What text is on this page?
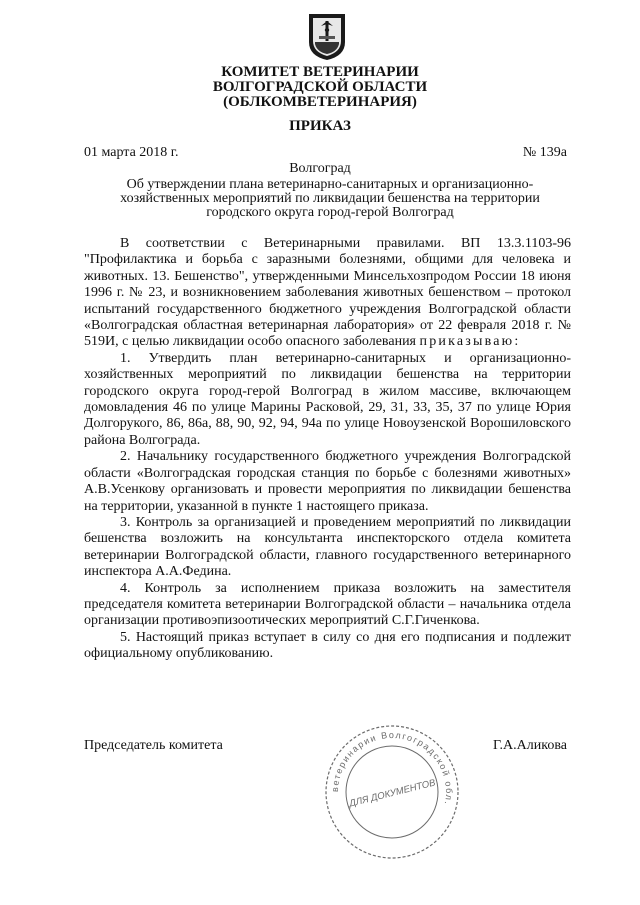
КОМИТЕТ ВЕТЕРИНАРИИ
ВОЛГОГРАДСКОЙ ОБЛАСТИ
(ОБЛКОМВЕТЕРИНАРИЯ)
ПРИКАЗ
01 марта 2018 г.	№ 139а
Волгоград
Об утверждении плана ветеринарно-санитарных и организационно-хозяйственных мероприятий по ликвидации бешенства на территории городского округа город-герой Волгоград

В соответствии с Ветеринарными правилами. ВП 13.3.1103-96 "Профилактика и борьба с заразными болезнями, общими для человека и животных. 13. Бешенство", утвержденными Минсельхозпродом России 18 июня 1996 г. № 23, и возникновением заболевания животных бешенством – протокол испытаний государственного бюджетного учреждения Волгоградской области «Волгоградская областная ветеринарная лаборатория» от 22 февраля 2018 г. № 519И, с целью ликвидации особо опасного заболевания приказываю:

1. Утвердить план ветеринарно-санитарных и организационно-хозяйственных мероприятий по ликвидации бешенства на территории городского округа город-герой Волгоград в жилом массиве, включающем домовладения 46 по улице Марины Расковой, 29, 31, 33, 35, 37 по улице Юрия Долгорукого, 86, 86а, 88, 90, 92, 94, 94а по улице Новоузенской Ворошиловского района Волгограда.

2. Начальнику государственного бюджетного учреждения Волгоградской области «Волгоградская городская станция по борьбе с болезнями животных» А.В.Усенкову организовать и провести мероприятия по ликвидации бешенства на территории, указанной в пункте 1 настоящего приказа.

3. Контроль за организацией и проведением мероприятий по ликвидации бешенства возложить на консультанта инспекторского отдела комитета ветеринарии Волгоградской области, главного государственного ветеринарного инспектора А.А.Федина.

4. Контроль за исполнением приказа возложить на заместителя председателя комитета ветеринарии Волгоградской области – начальника отдела организации противоэпизоотических мероприятий С.Г.Гиченкова.

5. Настоящий приказ вступает в силу со дня его подписания и подлежит официальному опубликованию.

Председатель комитета	Г.А.Аликова
ветеринарии Волгоградской обл.
ДЛЯ ДОКУМЕНТОВ
